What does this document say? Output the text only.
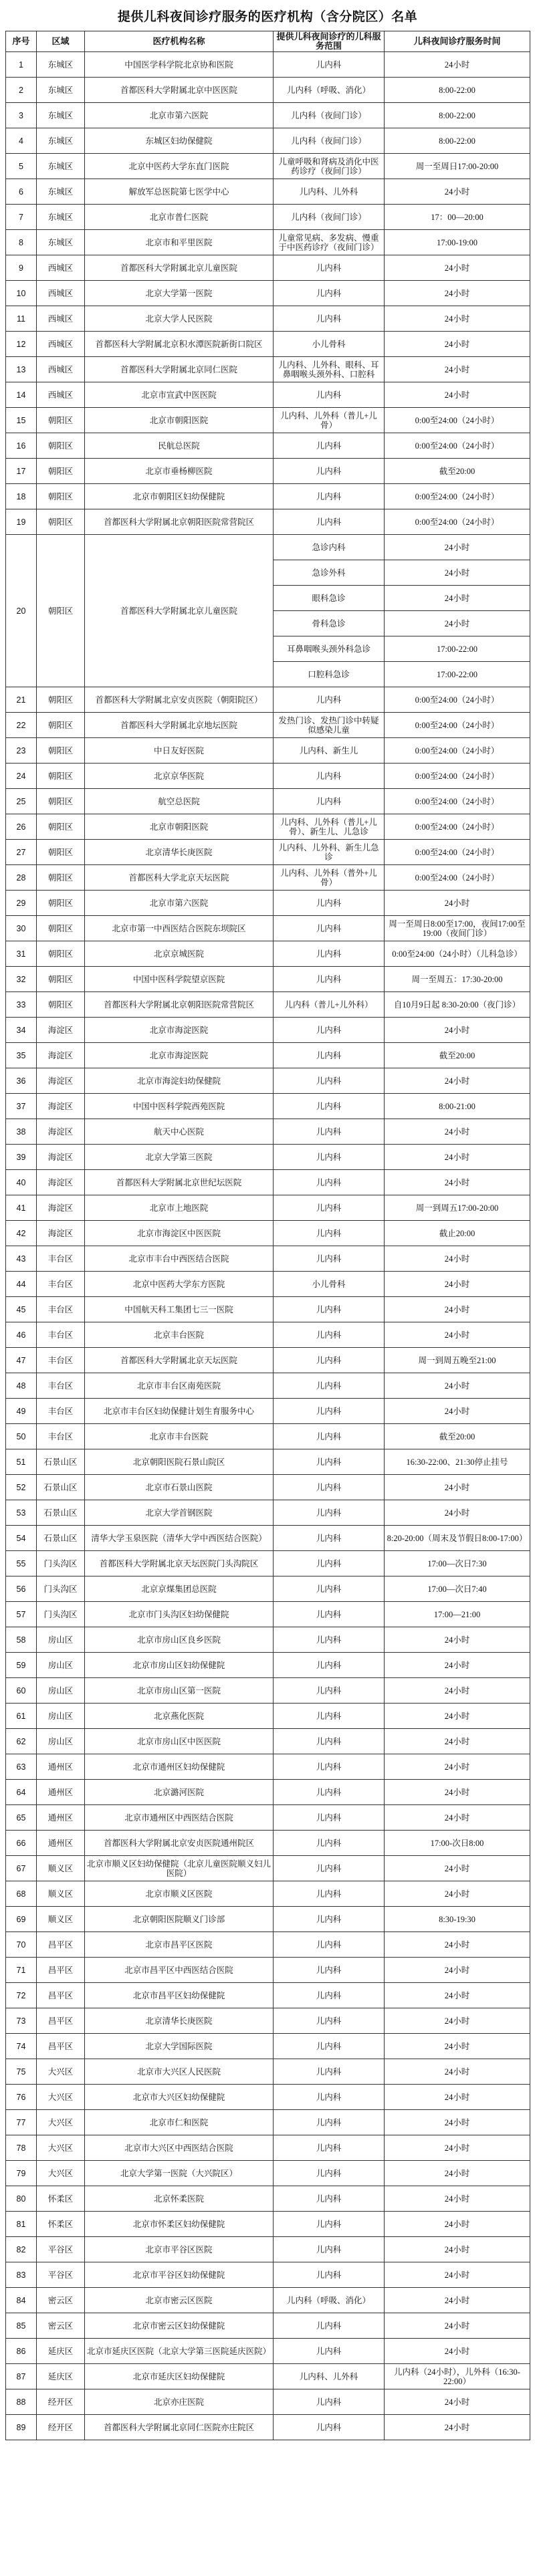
提供儿科夜间诊疗服务的医疗机构（含分院区）名单
序号	区域	医疗机构名称	提供儿科夜间诊疗的儿科服务范围	儿科夜间诊疗服务时间
1	东城区	中国医学科学院北京协和医院	儿内科	24小时
2	东城区	首都医科大学附属北京中医医院	儿内科（呼吸、消化）	8:00-22:00
3	东城区	北京市第六医院	儿内科（夜间门诊）	8:00-22:00
4	东城区	东城区妇幼保健院	儿内科（夜间门诊）	8:00-22:00
5	东城区	北京中医药大学东直门医院	儿童呼吸和肾病及消化中医药诊疗（夜间门诊）	周一至周日17:00-20:00
6	东城区	解放军总医院第七医学中心	儿内科、儿外科	24小时
7	东城区	北京市普仁医院	儿内科（夜间门诊）	17：00—20:00
8	东城区	北京市和平里医院	儿童常见病、多发病、慢重于中医药诊疗（夜间门诊）	17:00-19:00
9	西城区	首都医科大学附属北京儿童医院	儿内科	24小时
10	西城区	北京大学第一医院	儿内科	24小时
11	西城区	北京大学人民医院	儿内科	24小时
12	西城区	首都医科大学附属北京积水潭医院新街口院区	小儿骨科	24小时
13	西城区	首都医科大学附属北京同仁医院	儿内科、儿外科、眼科、耳鼻咽喉头颈外科、口腔科	24小时
14	西城区	北京市宣武中医医院	儿内科	24小时
15	朝阳区	北京市朝阳医院	儿内科、儿外科（普儿+儿骨）	0:00至24:00（24小时）
16	朝阳区	民航总医院	儿内科	0:00至24:00（24小时）
17	朝阳区	北京市垂杨柳医院	儿内科	截至20:00
18	朝阳区	北京市朝阳区妇幼保健院	儿内科	0:00至24:00（24小时）
19	朝阳区	首都医科大学附属北京朝阳医院常营院区	儿内科	0:00至24:00（24小时）
20	朝阳区	首都医科大学附属北京儿童医院	急诊内科	24小时
			急诊外科	24小时
			眼科急诊	24小时
			骨科急诊	24小时
			耳鼻咽喉头颈外科急诊	17:00-22:00
			口腔科急诊	17:00-22:00
21	朝阳区	首都医科大学附属北京安贞医院（朝阳院区）	儿内科	0:00至24:00（24小时）
22	朝阳区	首都医科大学附属北京地坛医院	发热门诊、发热门诊中转疑似感染儿童	0:00至24:00（24小时）
23	朝阳区	中日友好医院	儿内科、新生儿	0:00至24:00（24小时）
24	朝阳区	北京京华医院	儿内科	0:00至24:00（24小时）
25	朝阳区	航空总医院	儿内科	0:00至24:00（24小时）
26	朝阳区	北京市朝阳医院	儿内科、儿外科（普儿+儿骨）、新生儿、儿急诊	0:00至24:00（24小时）
27	朝阳区	北京清华长庚医院	儿内科、儿外科、新生儿急诊	0:00至24:00（24小时）
28	朝阳区	首都医科大学北京天坛医院	儿内科、儿外科（普外+儿骨）	0:00至24:00（24小时）
29	朝阳区	北京市第六医院	儿内科	24小时
30	朝阳区	北京市第一中西医结合医院东坝院区	儿内科	周一至周日8:00至17:00，夜间17:00至19:00（夜间门诊）
31	朝阳区	北京京城医院	儿内科	0:00至24:00（24小时）（儿科急诊）
32	朝阳区	中国中医科学院望京医院	儿内科	周一至周五：17:30-20:00
33	朝阳区	首都医科大学附属北京朝阳医院常营院区	儿内科（普儿+儿外科）	自10月9日起 8:30-20:00（夜门诊）
34	海淀区	北京市海淀医院	儿内科	24小时
35	海淀区	北京市海淀医院	儿内科	截至20:00
36	海淀区	北京市海淀妇幼保健院	儿内科	24小时
37	海淀区	中国中医科学院西苑医院	儿内科	8:00-21:00
38	海淀区	航天中心医院	儿内科	24小时
39	海淀区	北京大学第三医院	儿内科	24小时
40	海淀区	首都医科大学附属北京世纪坛医院	儿内科	24小时
41	海淀区	北京市上地医院	儿内科	周一到周五17:00-20:00
42	海淀区	北京市海淀区中医医院	儿内科	截止20:00
43	丰台区	北京市丰台中西医结合医院	儿内科	24小时
44	丰台区	北京中医药大学东方医院	小儿骨科	24小时
45	丰台区	中国航天科工集团七三一医院	儿内科	24小时
46	丰台区	北京丰台医院	儿内科	24小时
47	丰台区	首都医科大学附属北京天坛医院	儿内科	周一到周五晚至21:00
48	丰台区	北京市丰台区南苑医院	儿内科	24小时
49	丰台区	北京市丰台区妇幼保健计划生育服务中心	儿内科	24小时
50	丰台区	北京市丰台医院	儿内科	截至20:00
51	石景山区	北京朝阳医院石景山院区	儿内科	16:30-22:00、21:30停止挂号
52	石景山区	北京市石景山医院	儿内科	24小时
53	石景山区	北京大学首钢医院	儿内科	24小时
54	石景山区	清华大学玉泉医院（清华大学中西医结合医院）	儿内科	8:20-20:00（周末及节假日8:00-17:00）
55	门头沟区	首都医科大学附属北京天坛医院门头沟院区	儿内科	17:00—次日7:30
56	门头沟区	北京京煤集团总医院	儿内科	17:00—次日7:40
57	门头沟区	北京市门头沟区妇幼保健院	儿内科	17:00—21:00
58	房山区	北京市房山区良乡医院	儿内科	24小时
59	房山区	北京市房山区妇幼保健院	儿内科	24小时
60	房山区	北京市房山区第一医院	儿内科	24小时
61	房山区	北京燕化医院	儿内科	24小时
62	房山区	北京市房山区中医医院	儿内科	24小时
63	通州区	北京市通州区妇幼保健院	儿内科	24小时
64	通州区	北京潞河医院	儿内科	24小时
65	通州区	北京市通州区中西医结合医院	儿内科	24小时
66	通州区	首都医科大学附属北京安贞医院通州院区	儿内科	17:00-次日8:00
67	顺义区	北京市顺义区妇幼保健院（北京儿童医院顺义妇儿医院）	儿内科	24小时
68	顺义区	北京市顺义区医院	儿内科	24小时
69	顺义区	北京朝阳医院顺义门诊部	儿内科	8:30-19:30
70	昌平区	北京市昌平区医院	儿内科	24小时
71	昌平区	北京市昌平区中西医结合医院	儿内科	24小时
72	昌平区	北京市昌平区妇幼保健院	儿内科	24小时
73	昌平区	北京清华长庚医院	儿内科	24小时
74	昌平区	北京大学国际医院	儿内科	24小时
75	大兴区	北京市大兴区人民医院	儿内科	24小时
76	大兴区	北京市大兴区妇幼保健院	儿内科	24小时
77	大兴区	北京市仁和医院	儿内科	24小时
78	大兴区	北京市大兴区中西医结合医院	儿内科	24小时
79	大兴区	北京大学第一医院（大兴院区）	儿内科	24小时
80	怀柔区	北京怀柔医院	儿内科	24小时
81	怀柔区	北京市怀柔区妇幼保健院	儿内科	24小时
82	平谷区	北京市平谷区医院	儿内科	24小时
83	平谷区	北京市平谷区妇幼保健院	儿内科	24小时
84	密云区	北京市密云区医院	儿内科（呼吸、消化）	24小时
85	密云区	北京市密云区妇幼保健院	儿内科	24小时
86	延庆区	北京市延庆区医院（北京大学第三医院延庆医院）	儿内科	24小时
87	延庆区	北京市延庆区妇幼保健院	儿内科、儿外科	儿内科（24小时），儿外科（16:30-22:00）
88	经开区	北京亦庄医院	儿内科	24小时
89	经开区	首都医科大学附属北京同仁医院亦庄院区	儿内科	24小时
